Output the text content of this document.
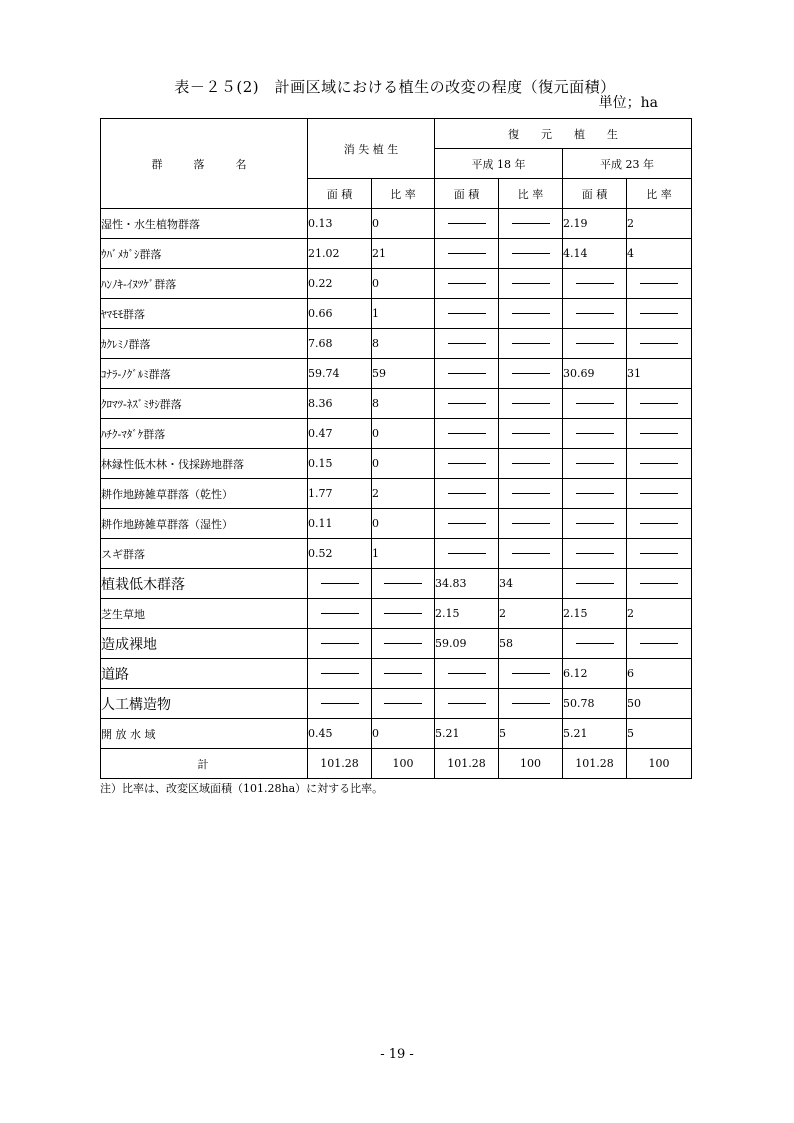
表－２５(2)　計画区域における植生の改変の程度（復元面積）
単位；ha
群　落　名	消 失 植 生		復　　元　　植　　生			
			平成 18 年		平成 23 年	
	面 積	比 率	面 積	比 率	面 積	比 率
湿性・水生植物群落	0.13	0			2.19	2
ｳﾊﾞﾒｶﾞｼ群落	21.02	21			4.14	4
ﾊﾝﾉｷ-ｲﾇﾂｹﾞ群落	0.22	0	

ﾔﾏﾓﾓ群落	0.66	1	

ｶｸﾚﾐﾉ群落	7.68	8	

ｺﾅﾗ-ﾉｸﾞﾙﾐ群落	59.74	59			30.69	31
ｸﾛﾏﾂ-ﾈｽﾞﾐｻｼ群落	8.36	8	

ﾊﾁｸ-ﾏﾀﾞｹ群落	0.47	0	

林縁性低木林・伐採跡地群落	0.15	0	

耕作地跡雑草群落（乾性）	1.77	2	

耕作地跡雑草群落（湿性）	0.11	0	

スギ群落	0.52	1	

植栽低木群落			34.83	34	

芝生草地			2.15	2	2.15	2
造成裸地			59.09	58	

道路					6.12	6
人工構造物					50.78	50
開 放 水 域	0.45	0	5.21	5	5.21	5
計	101.28	100	101.28	100	101.28	100
注）比率は、改変区域面積（101.28ha）に対する比率。
- 19 -
